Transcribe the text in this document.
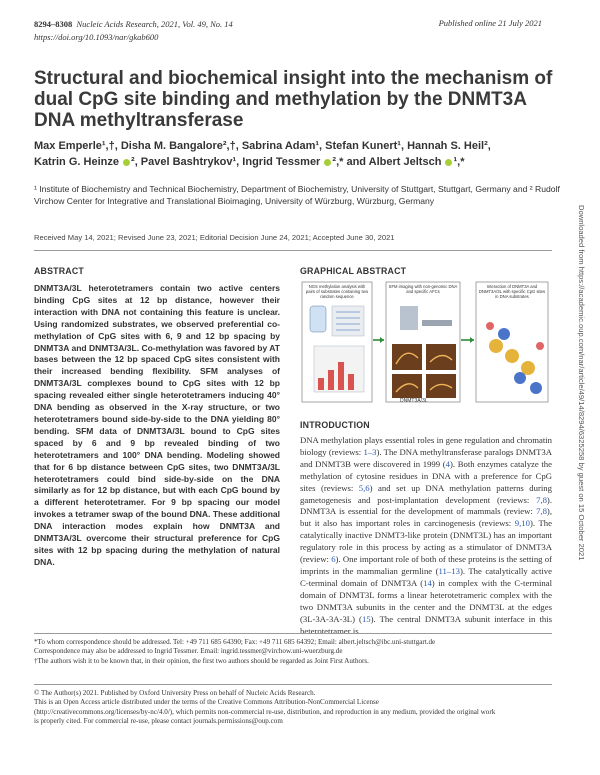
8294–8308 Nucleic Acids Research, 2021, Vol. 49, No. 14
https://doi.org/10.1093/nar/gkab600
Published online 21 July 2021
Structural and biochemical insight into the mechanism of dual CpG site binding and methylation by the DNMT3A DNA methyltransferase
Max Emperle¹,†, Disha M. Bangalore²,†, Sabrina Adam¹, Stefan Kunert¹, Hannah S. Heil²,
Katrin G. Heinze ², Pavel Bashtrykov¹, Ingrid Tessmer ²,* and Albert Jeltsch ¹,*
¹ Institute of Biochemistry and Technical Biochemistry, Department of Biochemistry, University of Stuttgart, Stuttgart, Germany and ² Rudolf Virchow Center for Integrative and Translational Bioimaging, University of Würzburg, Würzburg, Germany
Received May 14, 2021; Revised June 23, 2021; Editorial Decision June 24, 2021; Accepted June 30, 2021
ABSTRACT
DNMT3A/3L heterotetramers contain two active centers binding CpG sites at 12 bp distance, however their interaction with DNA not containing this feature is unclear. Using randomized substrates, we observed preferential co-methylation of CpG sites with 6, 9 and 12 bp spacing by DNMT3A and DNMT3A/3L. Co-methylation was favored by AT bases between the 12 bp spaced CpG sites consistent with their increased bending flexibility. SFM analyses of DNMT3A/3L complexes bound to CpG sites with 12 bp spacing revealed either single heterotetramers inducing 40° DNA bending as observed in the X-ray structure, or two heterotetramers bound side-by-side to the DNA yielding 80° bending. SFM data of DNMT3A/3L bound to CpG sites spaced by 6 and 9 bp revealed binding of two heterotetramers and 100° DNA bending. Modeling showed that for 6 bp distance between CpG sites, two DNMT3A/3L heterotetramers could bind side-by-side on the DNA similarly as for 12 bp distance, but with each CpG bound by a different heterotetramer. For 9 bp spacing our model invokes a tetramer swap of the bound DNA. These additional DNA interaction modes explain how DNMT3A and DNMT3A/3L overcome their structural preference for CpG sites with 12 bp spacing during the methylation of natural DNA.
GRAPHICAL ABSTRACT
DNMT3A/3L
NGS methylation analysis with pairs of substrates containing two random sequence
SFM imaging with non-genomic DNA and specific AFCs
Interaction of DNMT3A and DNMT3A/3L with specific CpG sites in DNA substrates
INTRODUCTION
DNA methylation plays essential roles in gene regulation and chromatin biology (reviews: 1–3). The DNA methyltransferase paralogs DNMT3A and DNMT3B were discovered in 1999 (4). Both enzymes catalyze the methylation of cytosine residues in DNA with a preference for CpG sites (reviews: 5,6) and set up DNA methylation patterns during gametogenesis and post-implantation development (reviews: 7,8). DNMT3A is essential for the development of mammals (review: 7,8), but it also has important roles in carcinogenesis (reviews: 9,10). The catalytically inactive DNMT3-like protein (DNMT3L) has an important regulatory role in this process by acting as a stimulator of DNMT3A (review: 6). One important role of both of these proteins is the setting of imprints in the mammalian germline (11–13). The catalytically active C-terminal domain of DNMT3A (14) in complex with the C-terminal domain of DNMT3L forms a linear heterotetrameric complex with the two DNMT3A subunits in the center and the DNMT3L at the edges (3L-3A-3A-3L) (15). The central DNMT3A subunit interface in this heterotetramer is
*To whom correspondence should be addressed. Tel: +49 711 685 64390; Fax: +49 711 685 64392; Email: albert.jeltsch@ibc.uni-stuttgart.de
Correspondence may also be addressed to Ingrid Tessmer. Email: ingrid.tessmer@virchow.uni-wuerzburg.de
†The authors wish it to be known that, in their opinion, the first two authors should be regarded as Joint First Authors.
© The Author(s) 2021. Published by Oxford University Press on behalf of Nucleic Acids Research.
This is an Open Access article distributed under the terms of the Creative Commons Attribution-NonCommercial License
(http://creativecommons.org/licenses/by-nc/4.0/), which permits non-commercial re-use, distribution, and reproduction in any medium, provided the original work
is properly cited. For commercial re-use, please contact journals.permissions@oup.com
Downloaded from https://academic.oup.com/nar/article/49/14/8294/6325258 by guest on 15 October 2021
